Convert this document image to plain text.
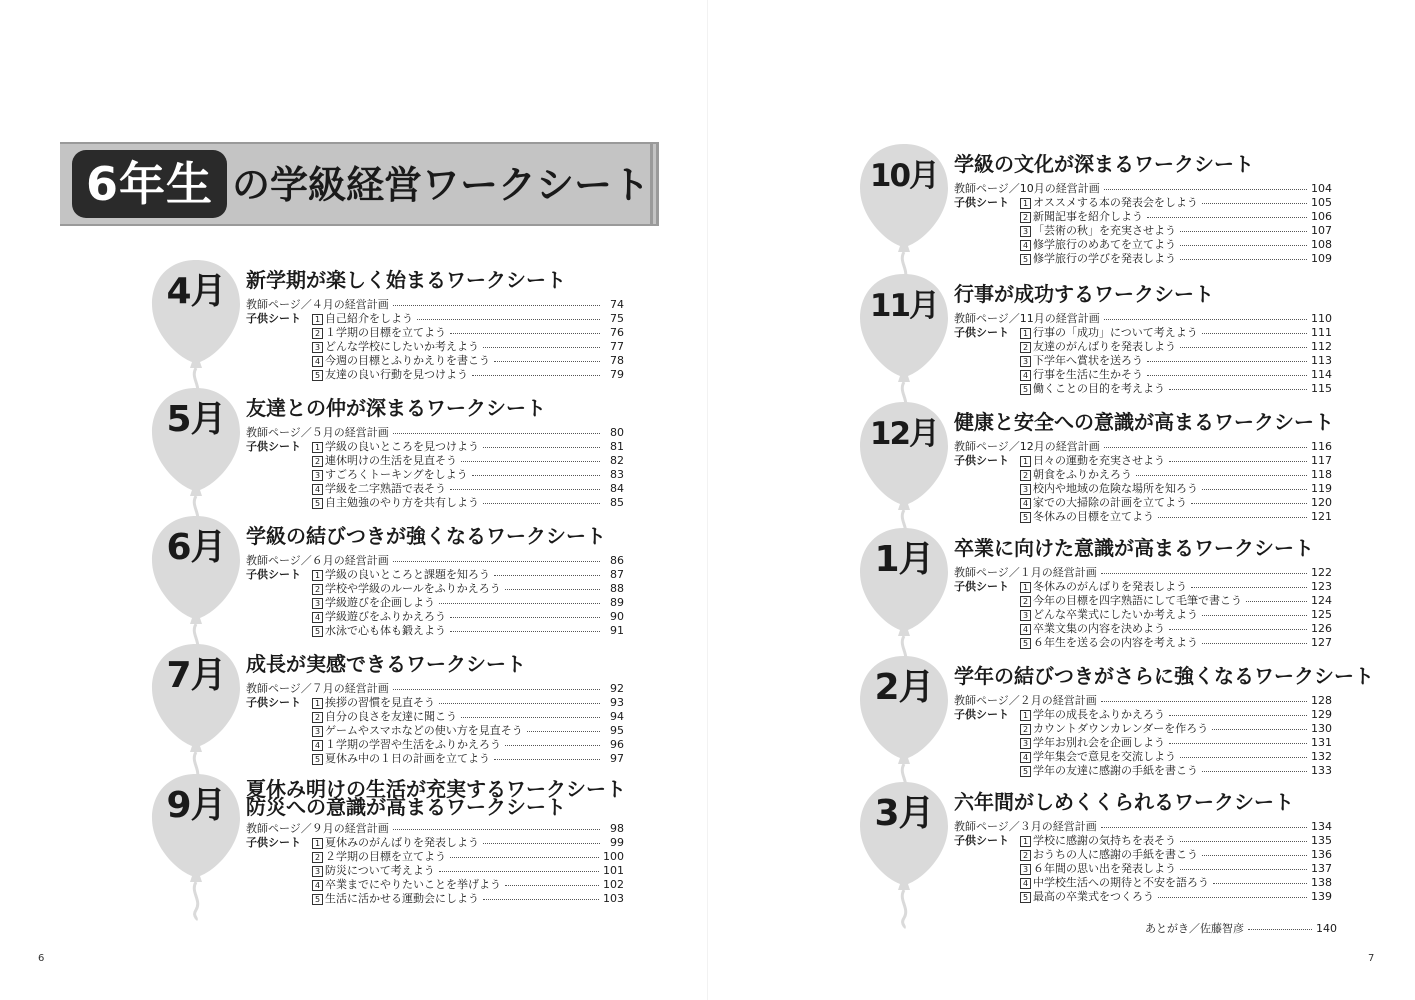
6年生 の学級経営ワークシート
4月	新学期が楽しく始まるワークシート
教師ページ／４月の経営計画	74
子供シート	1 自己紹介をしよう	75
2 １学期の目標を立てよう	76
3 どんな学校にしたいか考えよう	77
4 今週の目標とふりかえりを書こう	78
5 友達の良い行動を見つけよう	79
5月	友達との仲が深まるワークシート
教師ページ／５月の経営計画	80
子供シート	1 学級の良いところを見つけよう	81
2 連休明けの生活を見直そう	82
3 すごろくトーキングをしよう	83
4 学級を二字熟語で表そう	84
5 自主勉強のやり方を共有しよう	85
6月	学級の結びつきが強くなるワークシート
教師ページ／６月の経営計画	86
子供シート	1 学級の良いところと課題を知ろう	87
2 学校や学級のルールをふりかえろう	88
3 学級遊びを企画しよう	89
4 学級遊びをふりかえろう	90
5 水泳で心も体も鍛えよう	91
7月	成長が実感できるワークシート
教師ページ／７月の経営計画	92
子供シート	1 挨拶の習慣を見直そう	93
2 自分の良さを友達に聞こう	94
3 ゲームやスマホなどの使い方を見直そう	95
4 １学期の学習や生活をふりかえろう	96
5 夏休み中の１日の計画を立てよう	97
9月	夏休み明けの生活が充実するワークシート
防災への意識が高まるワークシート
教師ページ／９月の経営計画	98
子供シート	1 夏休みのがんばりを発表しよう	99
2 ２学期の目標を立てよう	100
3 防災について考えよう	101
4 卒業までにやりたいことを挙げよう	102
5 生活に活かせる運動会にしよう	103
10月 学級の文化が深まるワークシート
教師ページ／10月の経営計画	104
子供シート	1 オススメする本の発表会をしよう	105
2 新聞記事を紹介しよう	106
3 「芸術の秋」を充実させよう	107
4 修学旅行のめあてを立てよう	108
5 修学旅行の学びを発表しよう	109
11月 行事が成功するワークシート
教師ページ／11月の経営計画	110
子供シート	1 行事の「成功」について考えよう	111
2 友達のがんばりを発表しよう	112
3 下学年へ賞状を送ろう	113
4 行事を生活に生かそう	114
5 働くことの目的を考えよう	115
12月 健康と安全への意識が高まるワークシート
教師ページ／12月の経営計画	116
子供シート	1 日々の運動を充実させよう	117
2 朝食をふりかえろう	118
3 校内や地域の危険な場所を知ろう	119
4 家での大掃除の計画を立てよう	120
5 冬休みの目標を立てよう	121
1月	卒業に向けた意識が高まるワークシート
教師ページ／１月の経営計画	122
子供シート	1 冬休みのがんばりを発表しよう	123
2 今年の目標を四字熟語にして毛筆で書こう	124
3 どんな卒業式にしたいか考えよう	125
4 卒業文集の内容を決めよう	126
5 ６年生を送る会の内容を考えよう	127
2月	学年の結びつきがさらに強くなるワークシート
教師ページ／２月の経営計画	128
子供シート	1 学年の成長をふりかえろう	129
2 カウントダウンカレンダーを作ろう	130
3 学年お別れ会を企画しよう	131
4 学年集会で意見を交流しよう	132
5 学年の友達に感謝の手紙を書こう	133
3月	六年間がしめくくられるワークシート
教師ページ／３月の経営計画	134
子供シート	1 学校に感謝の気持ちを表そう	135
2 おうちの人に感謝の手紙を書こう	136
3 ６年間の思い出を発表しよう	137
4 中学校生活への期待と不安を語ろう	138
5 最高の卒業式をつくろう	139
あとがき／佐藤智彦	140
6	7
